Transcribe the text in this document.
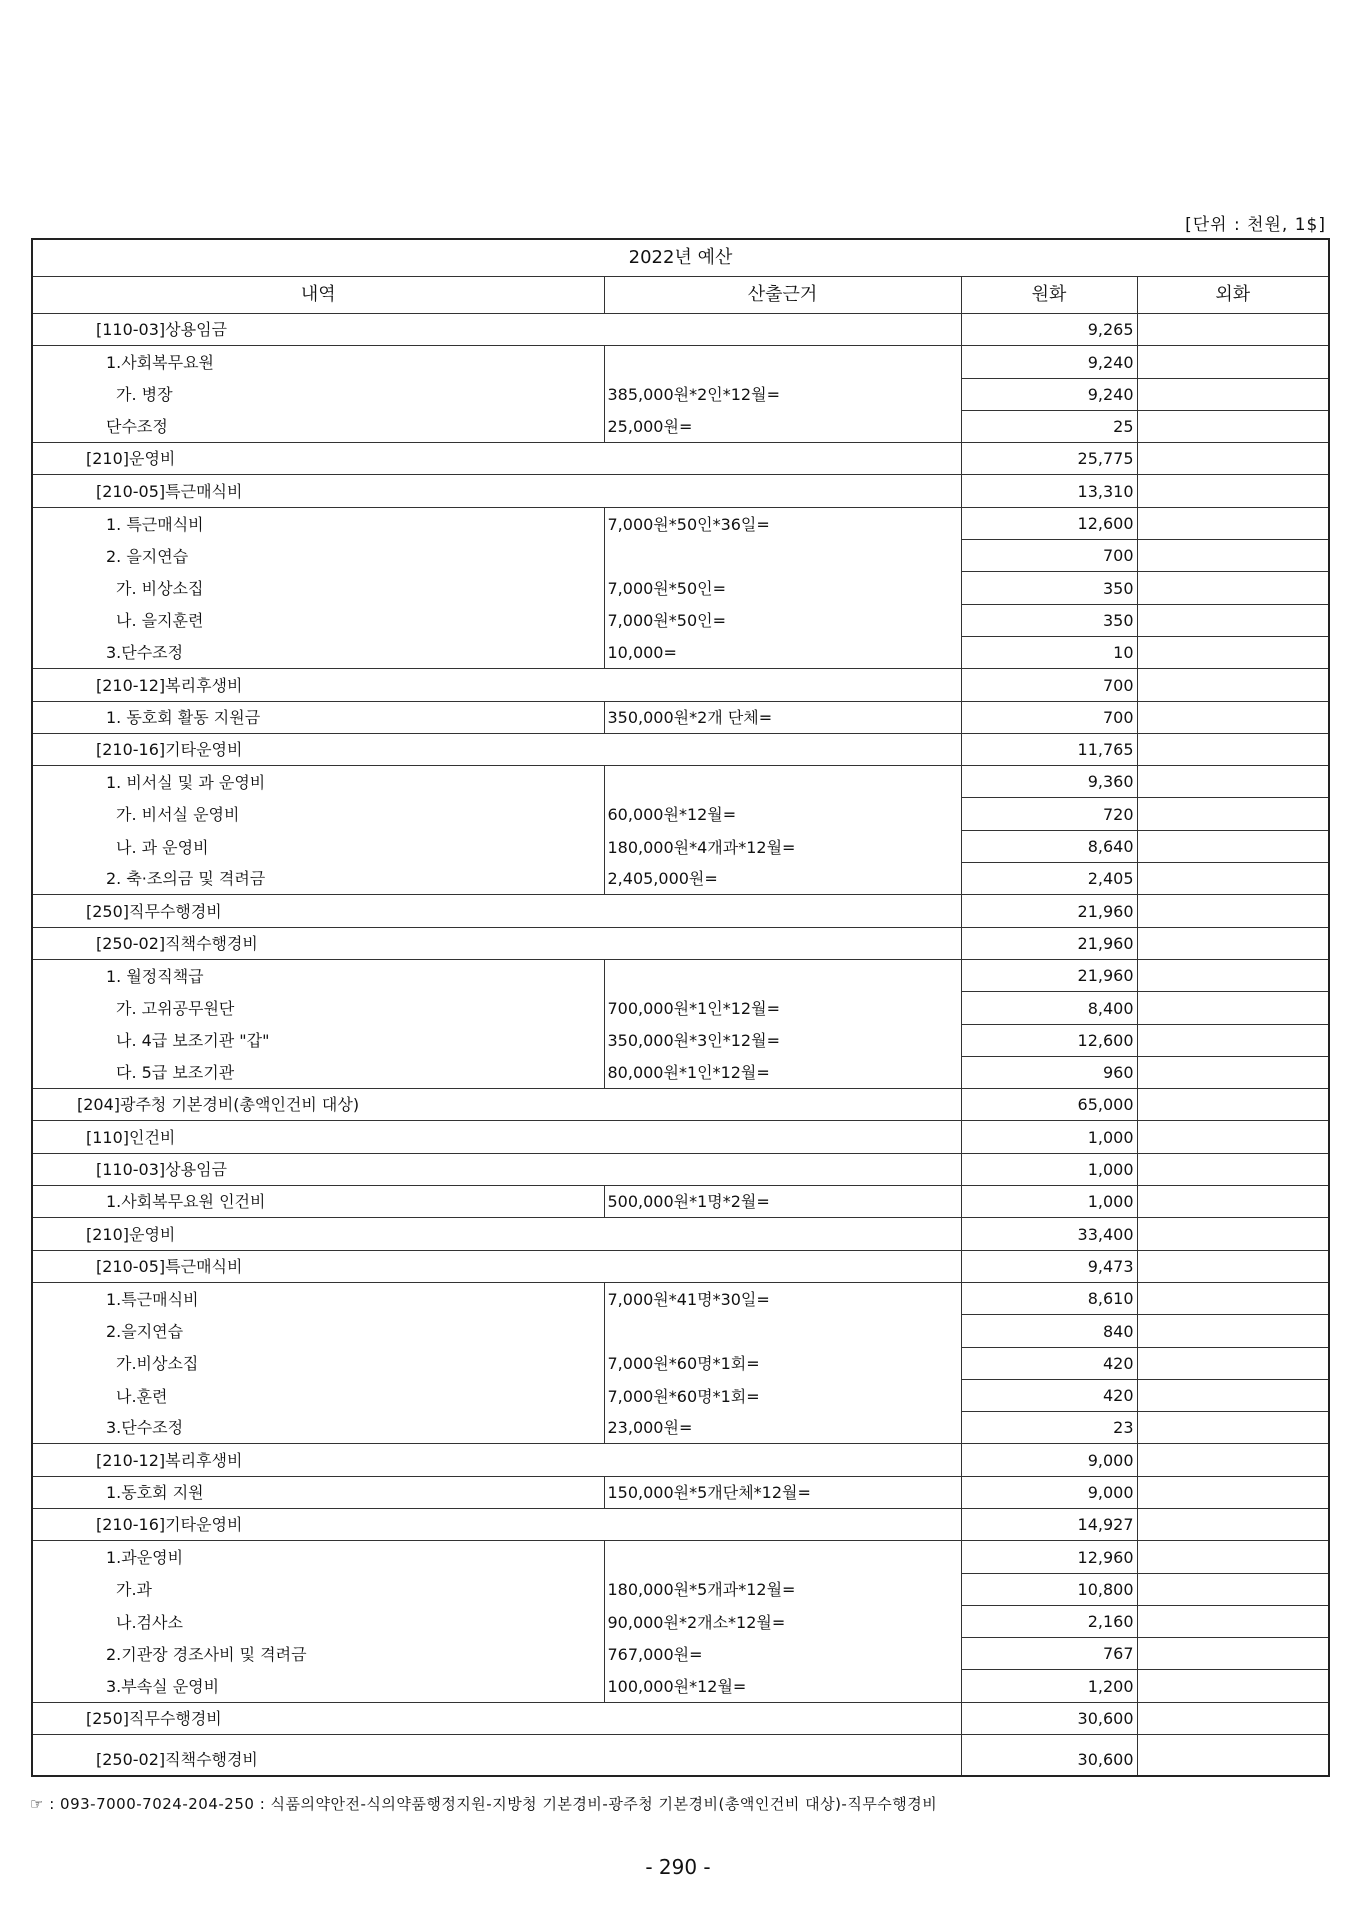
[단위 : 천원, 1$]
2022년 예산			
내역	산출근거	원화	외화
[110-03]상용임금		9,265	
1.사회복무요원		9,240	
가. 병장	385,000원*2인*12월=	9,240	
단수조정	25,000원=	25	
[210]운영비		25,775	
[210-05]특근매식비		13,310	
1. 특근매식비	7,000원*50인*36일=	12,600	
2. 을지연습		700	
가. 비상소집	7,000원*50인=	350	
나. 을지훈련	7,000원*50인=	350	
3.단수조정	10,000=	10	
[210-12]복리후생비		700	
1. 동호회 활동 지원금	350,000원*2개 단체=	700	
[210-16]기타운영비		11,765	
1. 비서실 및 과 운영비		9,360	
가. 비서실 운영비	60,000원*12월=	720	
나. 과 운영비	180,000원*4개과*12월=	8,640	
2. 축·조의금 및 격려금	2,405,000원=	2,405	
[250]직무수행경비		21,960	
[250-02]직책수행경비		21,960	
1. 월정직책급		21,960	
가. 고위공무원단	700,000원*1인*12월=	8,400	
나. 4급 보조기관 "갑"	350,000원*3인*12월=	12,600	
다. 5급 보조기관	80,000원*1인*12월=	960	
[204]광주청 기본경비(총액인건비 대상)		65,000	
[110]인건비		1,000	
[110-03]상용임금		1,000	
1.사회복무요원 인건비	500,000원*1명*2월=	1,000	
[210]운영비		33,400	
[210-05]특근매식비		9,473	
1.특근매식비	7,000원*41명*30일=	8,610	
2.을지연습		840	
가.비상소집	7,000원*60명*1회=	420	
나.훈련	7,000원*60명*1회=	420	
3.단수조정	23,000원=	23	
[210-12]복리후생비		9,000	
1.동호회 지원	150,000원*5개단체*12월=	9,000	
[210-16]기타운영비		14,927	
1.과운영비		12,960	
가.과	180,000원*5개과*12월=	10,800	
나.검사소	90,000원*2개소*12월=	2,160	
2.기관장 경조사비 및 격려금	767,000원=	767	
3.부속실 운영비	100,000원*12월=	1,200	
[250]직무수행경비		30,600	
[250-02]직책수행경비		30,600	
☞ : 093-7000-7024-204-250 : 식품의약안전-식의약품행정지원-지방청 기본경비-광주청 기본경비(총액인건비 대상)-직무수행경비
- 290 -
